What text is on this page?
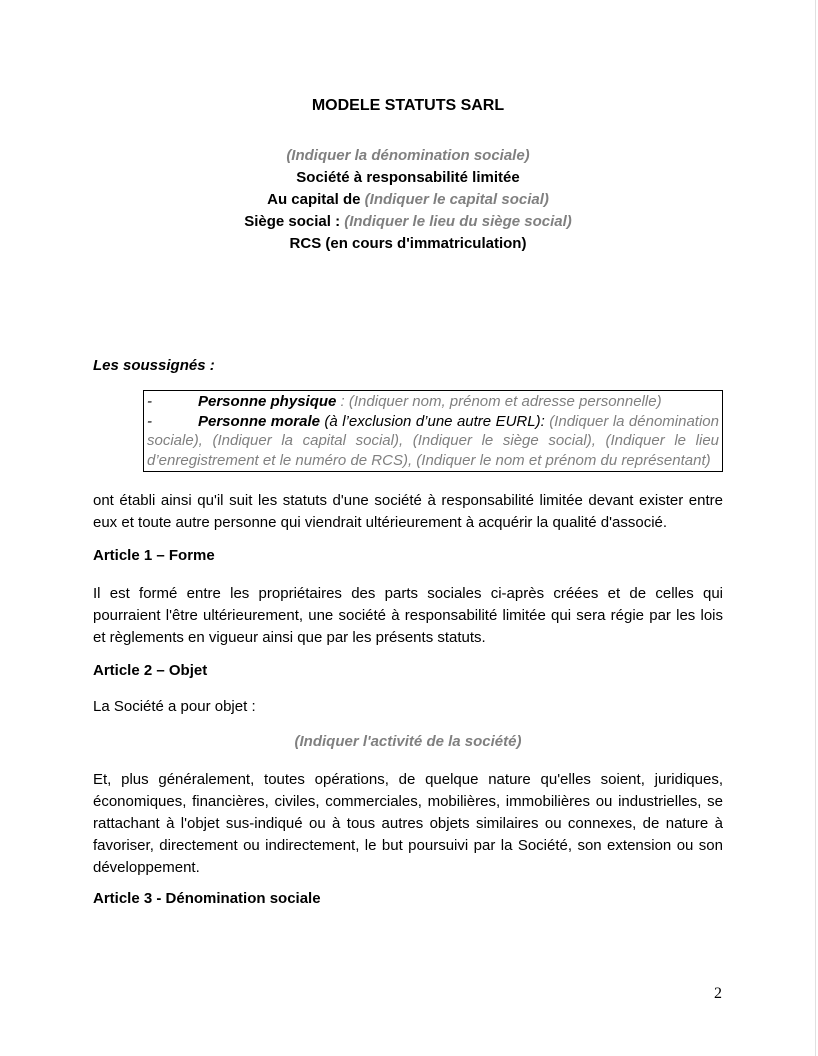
MODELE STATUTS SARL
(Indiquer la dénomination sociale)
Société à responsabilité limitée
Au capital de (Indiquer le capital social)
Siège social : (Indiquer le lieu du siège social)
RCS (en cours d'immatriculation)
Les soussignés :
-	Personne physique : (Indiquer nom, prénom et adresse personnelle)
-	Personne morale (à l’exclusion d’une autre EURL): (Indiquer la dénomination sociale), (Indiquer la capital social), (Indiquer le siège social), (Indiquer le lieu d’enregistrement et le numéro de RCS), (Indiquer le nom et prénom du représentant)
ont établi ainsi qu'il suit les statuts d'une société à responsabilité limitée devant exister entre eux et toute autre personne qui viendrait ultérieurement à acquérir la qualité d'associé.
Article 1 – Forme
Il est formé entre les propriétaires des parts sociales ci-après créées et de celles qui pourraient l'être ultérieurement, une société à responsabilité limitée qui sera régie par les lois et règlements en vigueur ainsi que par les présents statuts.
Article 2 – Objet
La Société a pour objet :
(Indiquer l'activité de la société)
Et, plus généralement, toutes opérations, de quelque nature qu'elles soient, juridiques, économiques, financières, civiles, commerciales, mobilières, immobilières ou industrielles, se rattachant à l'objet sus-indiqué ou à tous autres objets similaires ou connexes, de nature à favoriser, directement ou indirectement, le but poursuivi par la Société, son extension ou son développement.
Article 3 - Dénomination sociale
2
